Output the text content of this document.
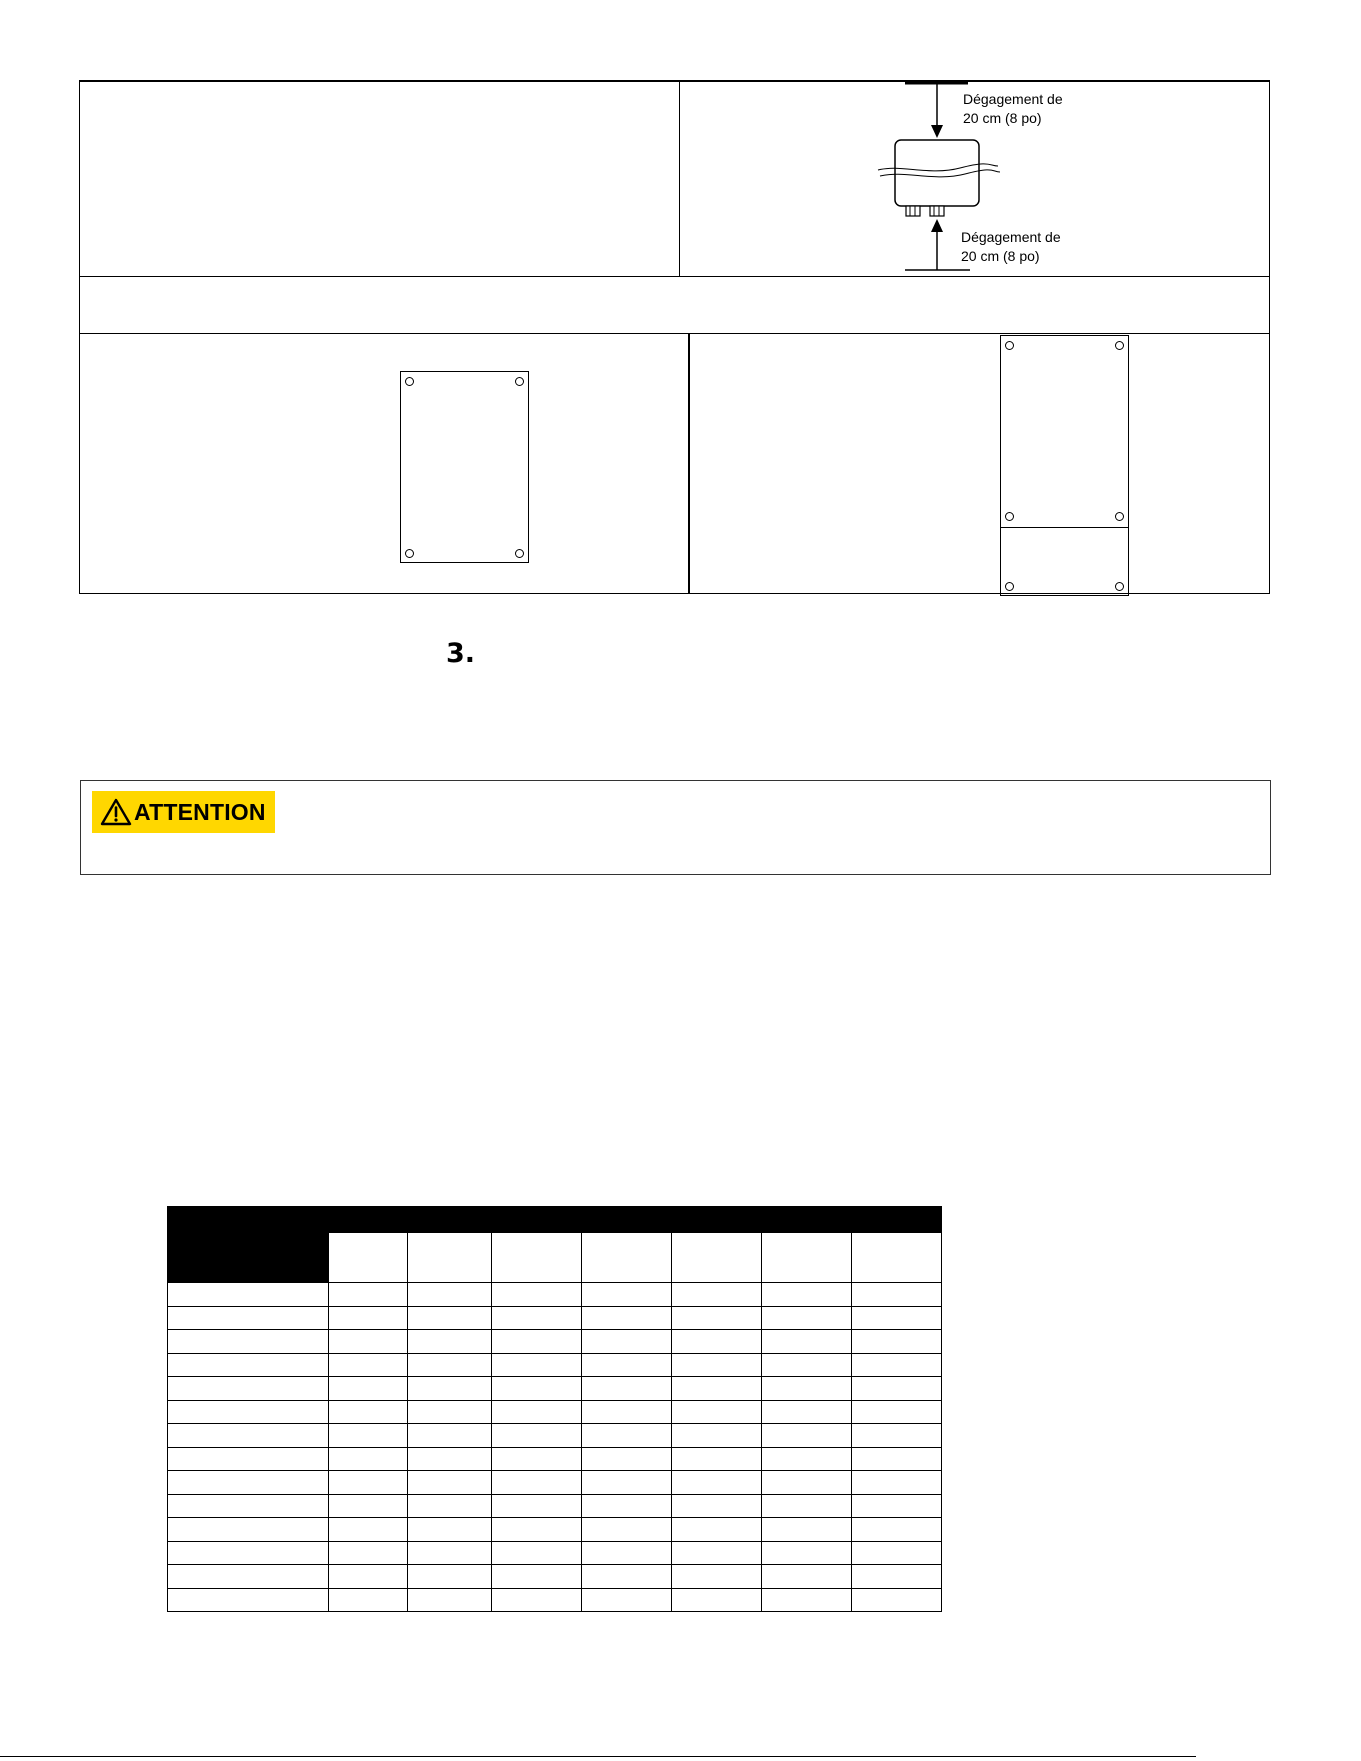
Dégagement de
20 cm (8 po)
Dégagement de
20 cm (8 po)
3.
ATTENTION
